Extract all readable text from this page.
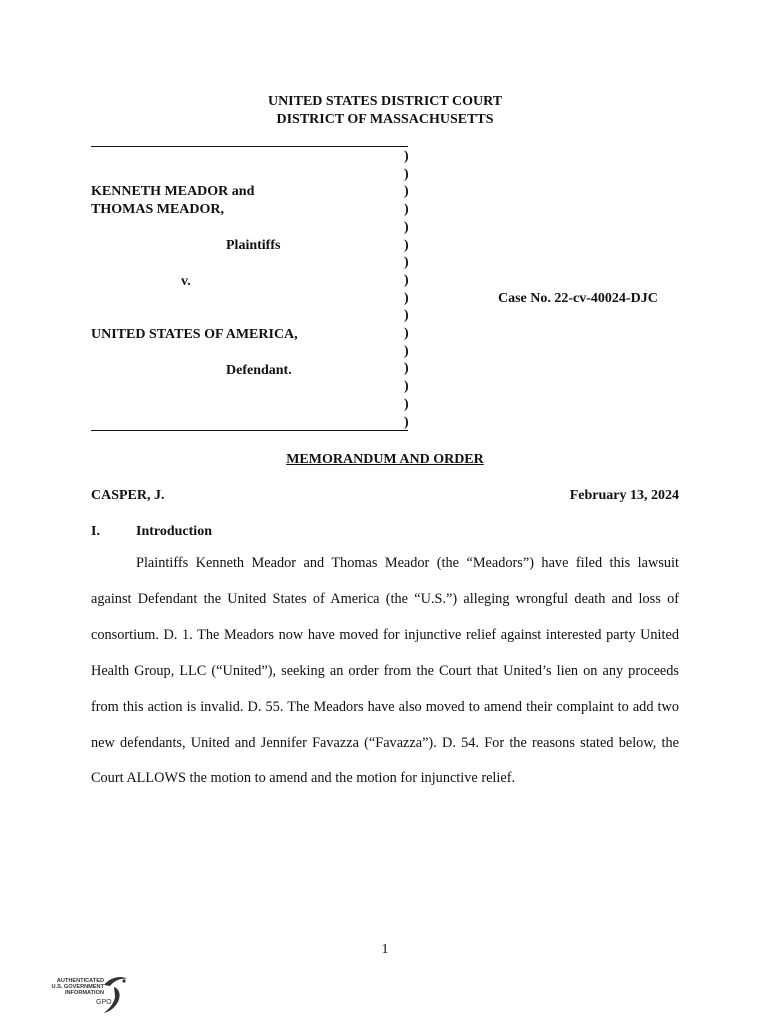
UNITED STATES DISTRICT COURT
DISTRICT OF MASSACHUSETTS
)
)
)
)
)
)
)
)
)
)
)
)
)
)
)
)
KENNETH MEADOR and
THOMAS MEADOR,
Plaintiffs
v.
UNITED STATES OF AMERICA,
Defendant.
Case No. 22-cv-40024-DJC
MEMORANDUM AND ORDER
CASPER, J.	February 13, 2024
I.	Introduction
Plaintiffs Kenneth Meador and Thomas Meador (the “Meadors”) have filed this lawsuit against Defendant the United States of America (the “U.S.”) alleging wrongful death and loss of consortium. D. 1. The Meadors now have moved for injunctive relief against interested party United Health Group, LLC (“United”), seeking an order from the Court that United’s lien on any proceeds from this action is invalid. D. 55. The Meadors have also moved to amend their complaint to add two new defendants, United and Jennifer Favazza (“Favazza”). D. 54. For the reasons stated below, the Court ALLOWS the motion to amend and the motion for injunctive relief.
1
AUTHENTICATED
U.S. GOVERNMENT
INFORMATION
GPO
